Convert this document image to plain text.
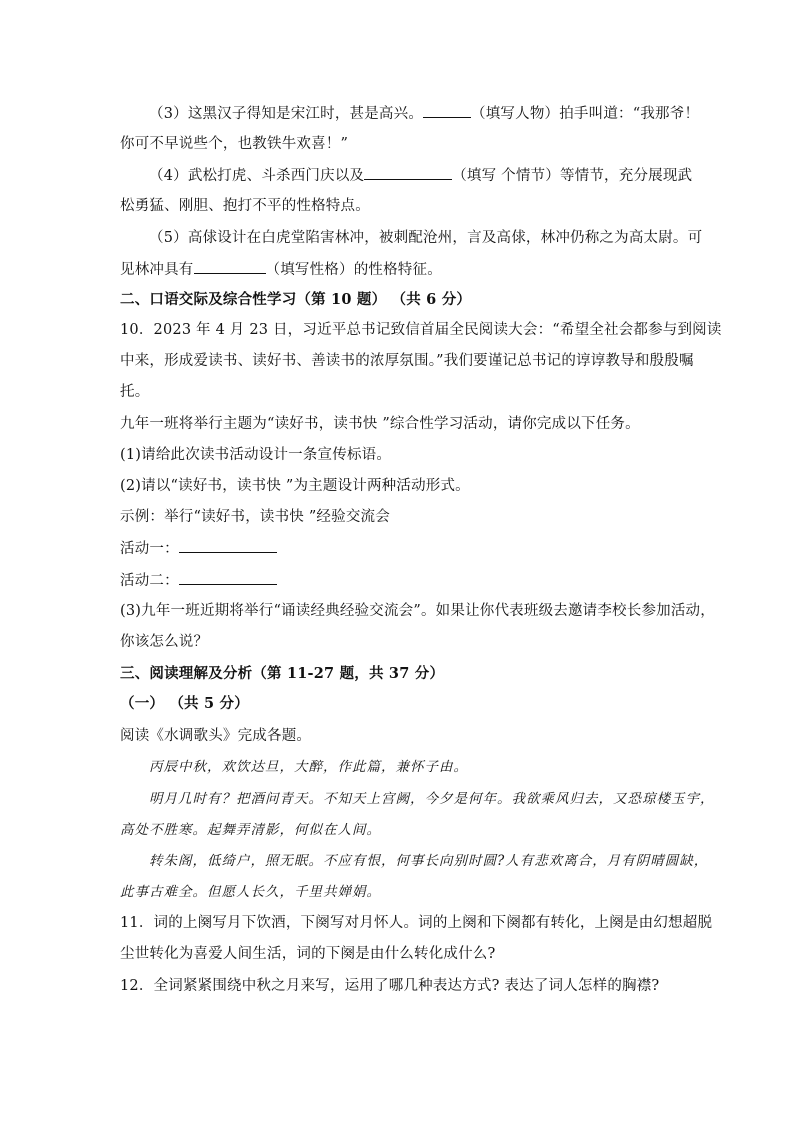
（3）这黑汉子得知是宋江时，甚是高兴。	（填写人物）拍手叫道：“我那爷！
你可不早说些个，也教铁牛欢喜！”
（4）武松打虎、斗杀西门庆以及	（填写 个情节）等情节，充分展现武
松勇猛、刚胆、抱打不平的性格特点。
（5）高俅设计在白虎堂陷害林冲，被刺配沧州，言及高俅，林冲仍称之为高太尉。可
见林冲具有	（填写性格）的性格特征。
二、口语交际及综合性学习（第 10 题） （共 6 分）
10．2023 年 4 月 23 日，习近平总书记致信首届全民阅读大会：“希望全社会都参与到阅读
中来，形成爱读书、读好书、善读书的浓厚氛围。”我们要谨记总书记的谆谆教导和殷殷嘱
托。
九年一班将举行主题为“读好书，读书快 ”综合性学习活动，请你完成以下任务。
(1)请给此次读书活动设计一条宣传标语。
(2)请以“读好书，读书快 ”为主题设计两种活动形式。
示例：举行“读好书，读书快 ”经验交流会
活动一：
活动二：
(3)九年一班近期将举行“诵读经典经验交流会”。如果让你代表班级去邀请李校长参加活动，
你该怎么说？
三、阅读理解及分析（第 11-27 题，共 37 分）
（一） （共 5 分）
阅读《水调歌头》完成各题。
丙辰中秋，欢饮达旦，大醉，作此篇，兼怀子由。
明月几时有？把酒问青天。不知天上宫阙，今夕是何年。我欲乘风归去，又恐琼楼玉宇，
高处不胜寒。起舞弄清影，何似在人间。
转朱阁，低绮户，照无眠。不应有恨，何事长向别时圆?人有悲欢离合，月有阴晴圆缺，
此事古难全。但愿人长久，千里共婵娟。
11．词的上阕写月下饮酒，下阕写对月怀人。词的上阕和下阕都有转化，上阕是由幻想超脱
尘世转化为喜爱人间生活，词的下阕是由什么转化成什么?
12．全词紧紧围绕中秋之月来写，运用了哪几种表达方式? 表达了词人怎样的胸襟?
